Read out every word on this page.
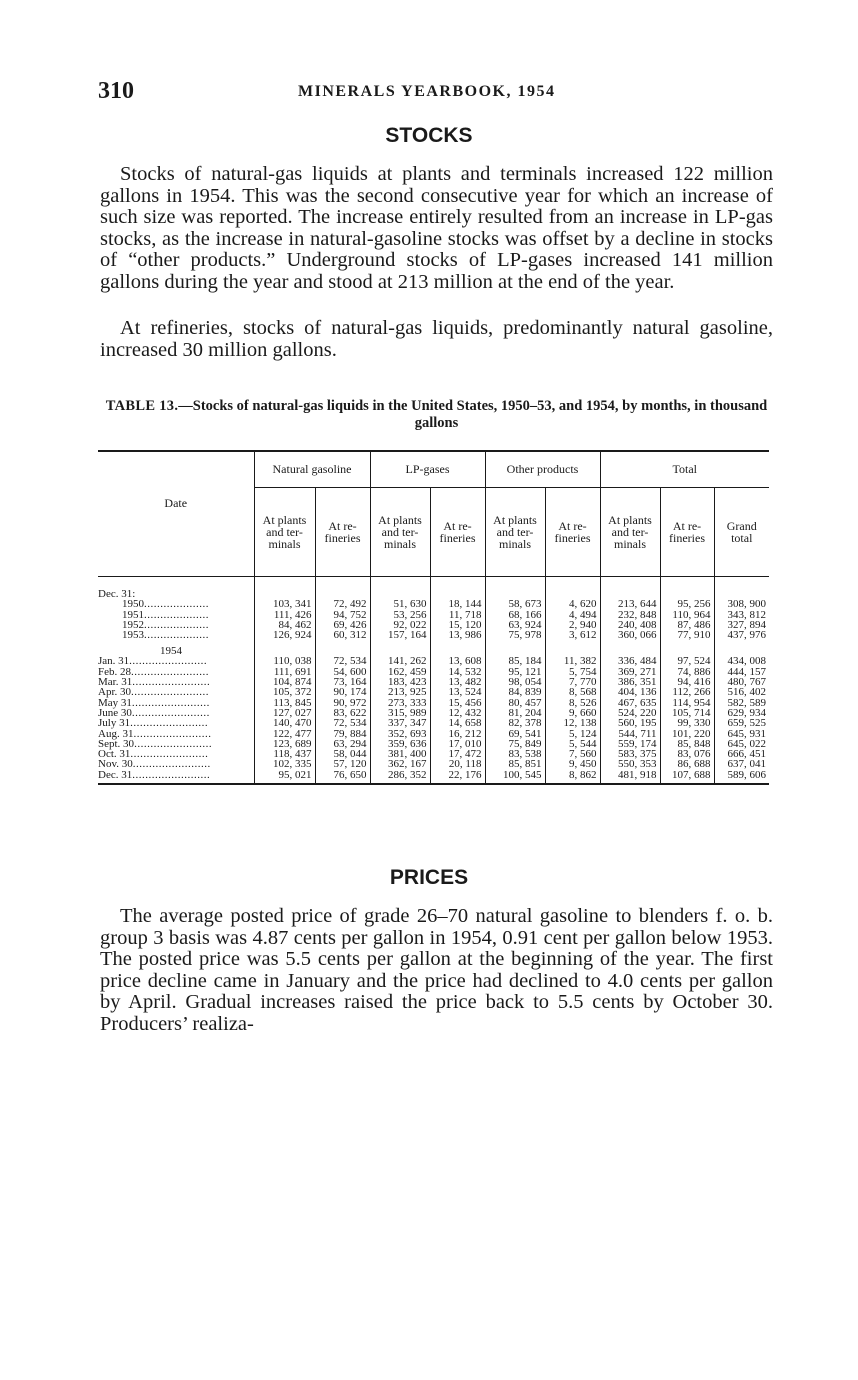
310	MINERALS YEARBOOK, 1954
STOCKS

Stocks of natural-gas liquids at plants and terminals increased 122 million gallons in 1954. This was the second consecutive year for which an increase of such size was reported. The increase entirely resulted from an increase in LP-gas stocks, as the increase in natural-gasoline stocks was offset by a decline in stocks of “other products.” Underground stocks of LP-gases increased 141 million gallons during the year and stood at 213 million at the end of the year.

At refineries, stocks of natural-gas liquids, predominantly natural gasoline, increased 30 million gallons.

TABLE 13.—Stocks of natural-gas liquids in the United States, 1950–53, and 1954, by months, in thousand gallons
Date	Natural gasoline		LP-gases		Other products		Total		
	At plants and ter-minals	At re-fineries	At plants and ter-minals	At re-fineries	At plants and ter-minals	At re-fineries	At plants and ter-minals	At re-fineries	Grand total

Dec. 31:									
1950....................	103, 341	72, 492	51, 630	18, 144	58, 673	4, 620	213, 644	95, 256	308, 900
1951....................	111, 426	94, 752	53, 256	11, 718	68, 166	4, 494	232, 848	110, 964	343, 812
1952....................	84, 462	69, 426	92, 022	15, 120	63, 924	2, 940	240, 408	87, 486	327, 894
1953....................	126, 924	60, 312	157, 164	13, 986	75, 978	3, 612	360, 066	77, 910	437, 976
1954									
Jan. 31........................	110, 038	72, 534	141, 262	13, 608	85, 184	11, 382	336, 484	97, 524	434, 008
Feb. 28........................	111, 691	54, 600	162, 459	14, 532	95, 121	5, 754	369, 271	74, 886	444, 157
Mar. 31........................	104, 874	73, 164	183, 423	13, 482	98, 054	7, 770	386, 351	94, 416	480, 767
Apr. 30........................	105, 372	90, 174	213, 925	13, 524	84, 839	8, 568	404, 136	112, 266	516, 402
May 31........................	113, 845	90, 972	273, 333	15, 456	80, 457	8, 526	467, 635	114, 954	582, 589
June 30........................	127, 027	83, 622	315, 989	12, 432	81, 204	9, 660	524, 220	105, 714	629, 934
July 31........................	140, 470	72, 534	337, 347	14, 658	82, 378	12, 138	560, 195	99, 330	659, 525
Aug. 31........................	122, 477	79, 884	352, 693	16, 212	69, 541	5, 124	544, 711	101, 220	645, 931
Sept. 30........................	123, 689	63, 294	359, 636	17, 010	75, 849	5, 544	559, 174	85, 848	645, 022
Oct. 31........................	118, 437	58, 044	381, 400	17, 472	83, 538	7, 560	583, 375	83, 076	666, 451
Nov. 30........................	102, 335	57, 120	362, 167	20, 118	85, 851	9, 450	550, 353	86, 688	637, 041
Dec. 31........................	95, 021	76, 650	286, 352	22, 176	100, 545	8, 862	481, 918	107, 688	589, 606

PRICES

The average posted price of grade 26–70 natural gasoline to blenders f. o. b. group 3 basis was 4.87 cents per gallon in 1954, 0.91 cent per gallon below 1953. The posted price was 5.5 cents per gallon at the beginning of the year. The first price decline came in January and the price had declined to 4.0 cents per gallon by April. Gradual increases raised the price back to 5.5 cents by October 30. Producers’ realiza-
